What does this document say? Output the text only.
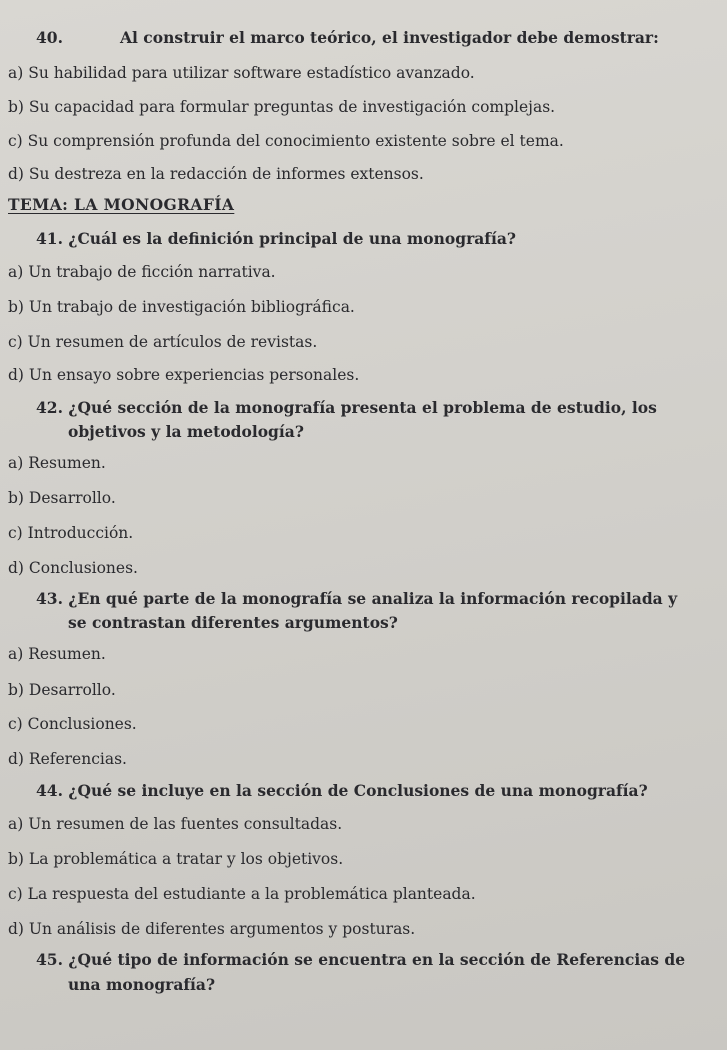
40.	Al construir el marco teórico, el investigador debe demostrar:
a) Su habilidad para utilizar software estadístico avanzado.
b) Su capacidad para formular preguntas de investigación complejas.
c) Su comprensión profunda del conocimiento existente sobre el tema.
d) Su destreza en la redacción de informes extensos.
TEMA: LA MONOGRAFÍA
41. ¿Cuál es la definición principal de una monografía?
a) Un trabajo de ficción narrativa.
b) Un trabajo de investigación bibliográfica.
c) Un resumen de artículos de revistas.
d) Un ensayo sobre experiencias personales.
42. ¿Qué sección de la monografía presenta el problema de estudio, los
objetivos y la metodología?
a) Resumen.
b) Desarrollo.
c) Introducción.
d) Conclusiones.
43. ¿En qué parte de la monografía se analiza la información recopilada y
se contrastan diferentes argumentos?
a) Resumen.
b) Desarrollo.
c) Conclusiones.
d) Referencias.
44. ¿Qué se incluye en la sección de Conclusiones de una monografía?
a) Un resumen de las fuentes consultadas.
b) La problemática a tratar y los objetivos.
c) La respuesta del estudiante a la problemática planteada.
d) Un análisis de diferentes argumentos y posturas.
45. ¿Qué tipo de información se encuentra en la sección de Referencias de
una monografía?
